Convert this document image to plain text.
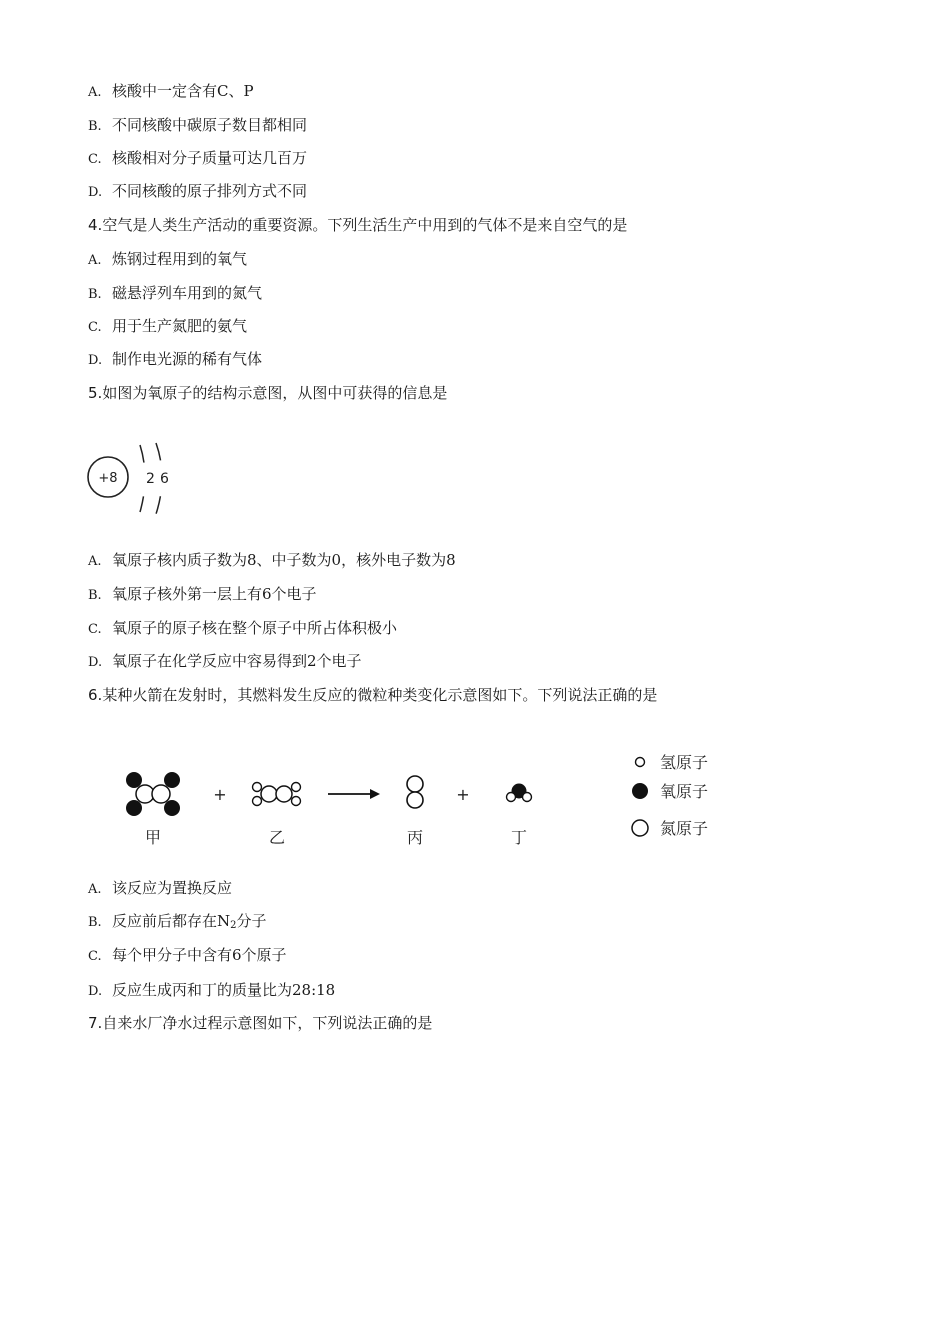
A. 核酸中一定含有C、P
B. 不同核酸中碳原子数目都相同
C. 核酸相对分子质量可达几百万
D. 不同核酸的原子排列方式不同
4.空气是人类生产活动的重要资源。下列生活生产中用到的气体不是来自空气的是
A. 炼钢过程用到的氧气
B. 磁悬浮列车用到的氮气
C. 用于生产氮肥的氨气
D. 制作电光源的稀有气体
5.如图为氧原子的结构示意图，从图中可获得的信息是
+8 2 6
A. 氧原子核内质子数为8、中子数为0，核外电子数为8
B. 氧原子核外第一层上有6个电子
C. 氧原子的原子核在整个原子中所占体积极小
D. 氧原子在化学反应中容易得到2个电子
6.某种火箭在发射时，其燃料发生反应的微粒种类变化示意图如下。下列说法正确的是
甲
+
乙	丙
+
丁
氢原子
氧原子
氮原子
A. 该反应为置换反应
B. 反应前后都存在$N_2$分子
C. 每个甲分子中含有6个原子
D. 反应生成丙和丁的质量比为28:18
7.自来水厂净水过程示意图如下，下列说法正确的是
